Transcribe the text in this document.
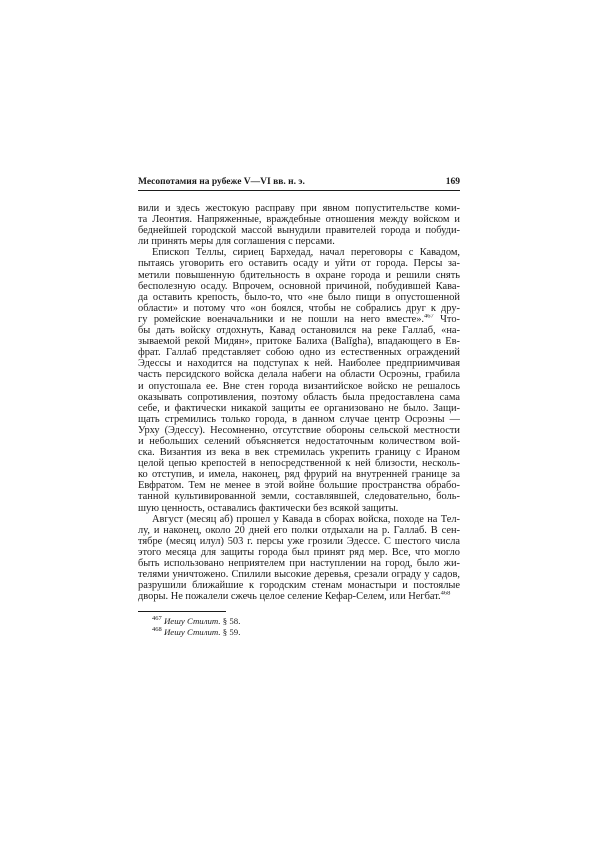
Месопотамия на рубеже V—VI вв. н. э.	169
вили и здесь жестокую расправу при явном попустительстве коми-
та Леонтия. Напряженные, враждебные отношения между войском и
беднейшей городской массой вынудили правителей города и побуди-
ли принять меры для соглашения с персами.
Епископ Теллы, сириец Бархедад, начал переговоры с Кавадом,
пытаясь уговорить его оставить осаду и уйти от города. Персы за-
метили повышенную бдительность в охране города и решили снять
бесполезную осаду. Впрочем, основной причиной, побудившей Кава-
да оставить крепость, было-то, что «не было пищи в опустошенной
области» и потому что «он боялся, чтобы не собрались друг к дру-
гу ромейские военачальники и не пошли на него вместе».$^{467}$ Что-
бы дать войску отдохнуть, Кавад остановился на реке Галлаб, «на-
зываемой рекой Мидян», притоке Балиха (Balīgha), впадающего в Ев-
фрат. Галлаб представляет собою одно из естественных ограждений
Эдессы и находится на подступах к ней. Наиболее предприимчивая
часть персидского войска делала набеги на области Осроэны, грабила
и опустошала ее. Вне стен города византийское войско не решалось
оказывать сопротивления, поэтому область была предоставлена сама
себе, и фактически никакой защиты ее организовано не было. Защи-
щать стремились только города, в данном случае центр Осроэны —
Урху (Эдессу). Несомненно, отсутствие обороны сельской местности
и небольших селений объясняется недостаточным количеством вой-
ска. Византия из века в век стремилась укрепить границу с Ираном
целой цепью крепостей в непосредственной к ней близости, несколь-
ко отступив, и имела, наконец, ряд фрурий на внутренней границе за
Евфратом. Тем не менее в этой войне большие пространства обрабо-
танной культивированной земли, составлявшей, следовательно, боль-
шую ценность, оставались фактически без всякой защиты.
Август (месяц аб) прошел у Кавада в сборах войска, походе на Тел-
лу, и наконец, около 20 дней его полки отдыхали на р. Галлаб. В сен-
тябре (месяц илул) 503 г. персы уже грозили Эдессе. С шестого числа
этого месяца для защиты города был принят ряд мер. Все, что могло
быть использовано неприятелем при наступлении на город, было жи-
телями уничтожено. Спилили высокие деревья, срезали ограду у садов,
разрушили ближайшие к городским стенам монастыри и постоялые
дворы. Не пожалели сжечь целое селение Кефар-Селем, или Негбат.$^{468}$
$^{467}$ Иешу Стилит. § 58.
$^{468}$ Иешу Стилит. § 59.
